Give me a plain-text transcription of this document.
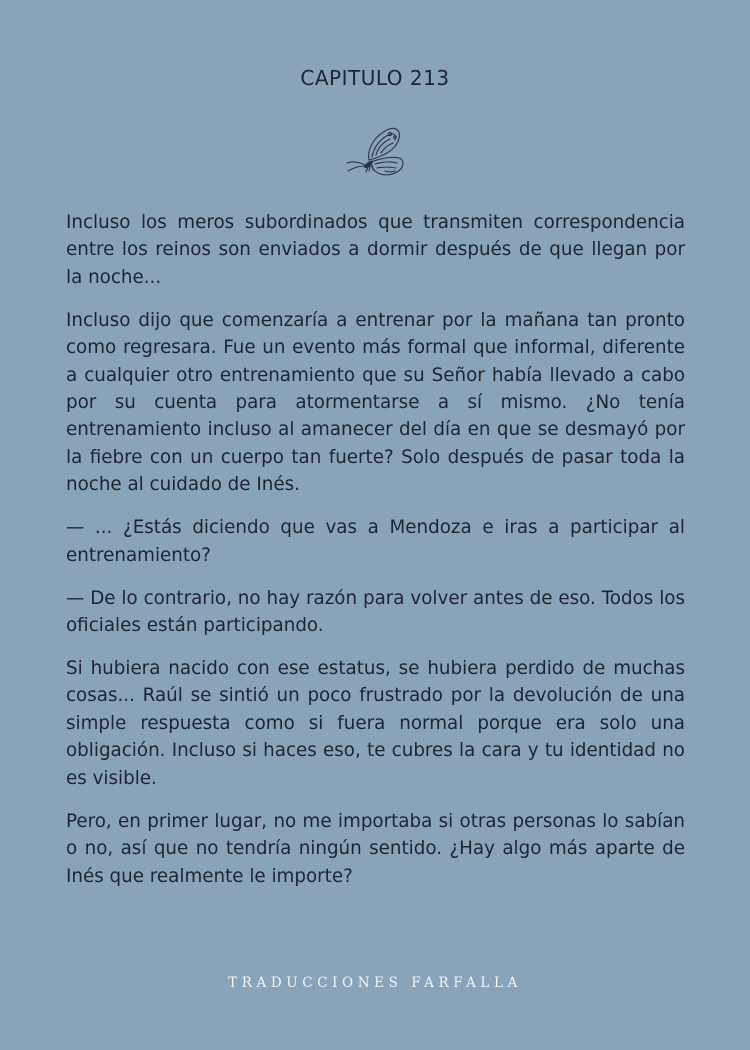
CAPITULO 213

Incluso los meros subordinados que transmiten correspondencia entre los reinos son enviados a dormir después de que llegan por la noche...

Incluso dijo que comenzaría a entrenar por la mañana tan pronto como regresara. Fue un evento más formal que informal, diferente a cualquier otro entrenamiento que su Señor había llevado a cabo por su cuenta para atormentarse a sí mismo. ¿No tenía entrenamiento incluso al amanecer del día en que se desmayó por la fiebre con un cuerpo tan fuerte? Solo después de pasar toda la noche al cuidado de Inés.

— ... ¿Estás diciendo que vas a Mendoza e iras a participar al entrenamiento?

— De lo contrario, no hay razón para volver antes de eso. Todos los oficiales están participando.

Si hubiera nacido con ese estatus, se hubiera perdido de muchas cosas... Raúl se sintió un poco frustrado por la devolución de una simple respuesta como si fuera normal porque era solo una obligación. Incluso si haces eso, te cubres la cara y tu identidad no es visible.

Pero, en primer lugar, no me importaba si otras personas lo sabían o no, así que no tendría ningún sentido. ¿Hay algo más aparte de Inés que realmente le importe?

TRADUCCIONES FARFALLA
